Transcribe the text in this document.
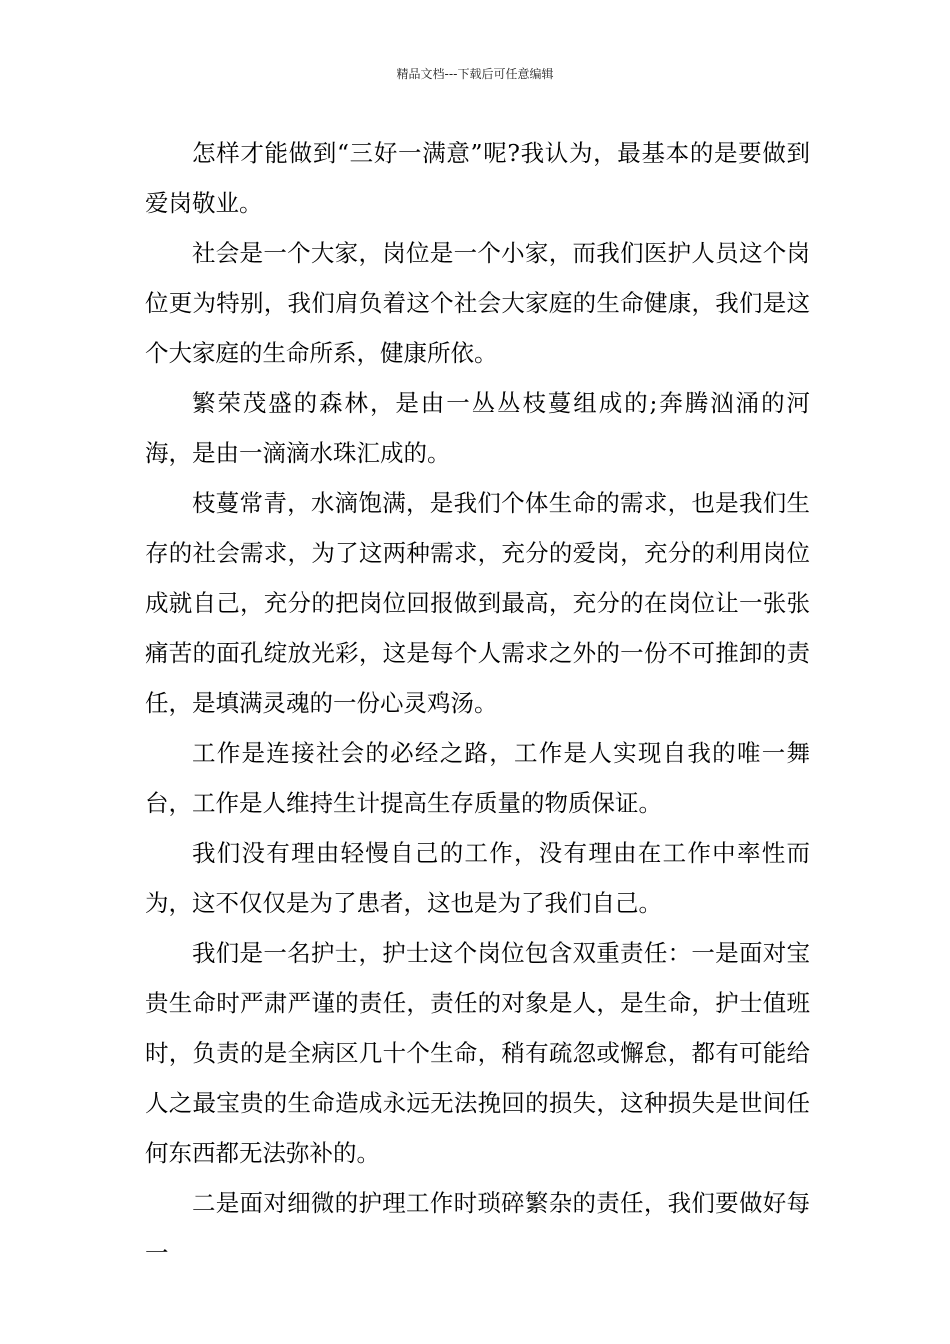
精品文档---下载后可任意编辑

怎样才能做到“三好一满意”呢?我认为，最基本的是要做到爱岗敬业。

社会是一个大家，岗位是一个小家，而我们医护人员这个岗位更为特别，我们肩负着这个社会大家庭的生命健康，我们是这个大家庭的生命所系，健康所依。

繁荣茂盛的森林，是由一丛丛枝蔓组成的;奔腾汹涌的河海，是由一滴滴水珠汇成的。

枝蔓常青，水滴饱满，是我们个体生命的需求，也是我们生存的社会需求，为了这两种需求，充分的爱岗，充分的利用岗位成就自己，充分的把岗位回报做到最高，充分的在岗位让一张张痛苦的面孔绽放光彩，这是每个人需求之外的一份不可推卸的责任，是填满灵魂的一份心灵鸡汤。

工作是连接社会的必经之路，工作是人实现自我的唯一舞台，工作是人维持生计提高生存质量的物质保证。

我们没有理由轻慢自己的工作，没有理由在工作中率性而为，这不仅仅是为了患者，这也是为了我们自己。

我们是一名护士，护士这个岗位包含双重责任：一是面对宝贵生命时严肃严谨的责任，责任的对象是人，是生命，护士值班时，负责的是全病区几十个生命，稍有疏忽或懈怠，都有可能给人之最宝贵的生命造成永远无法挽回的损失，这种损失是世间任何东西都无法弥补的。

二是面对细微的护理工作时琐碎繁杂的责任，我们要做好每一
